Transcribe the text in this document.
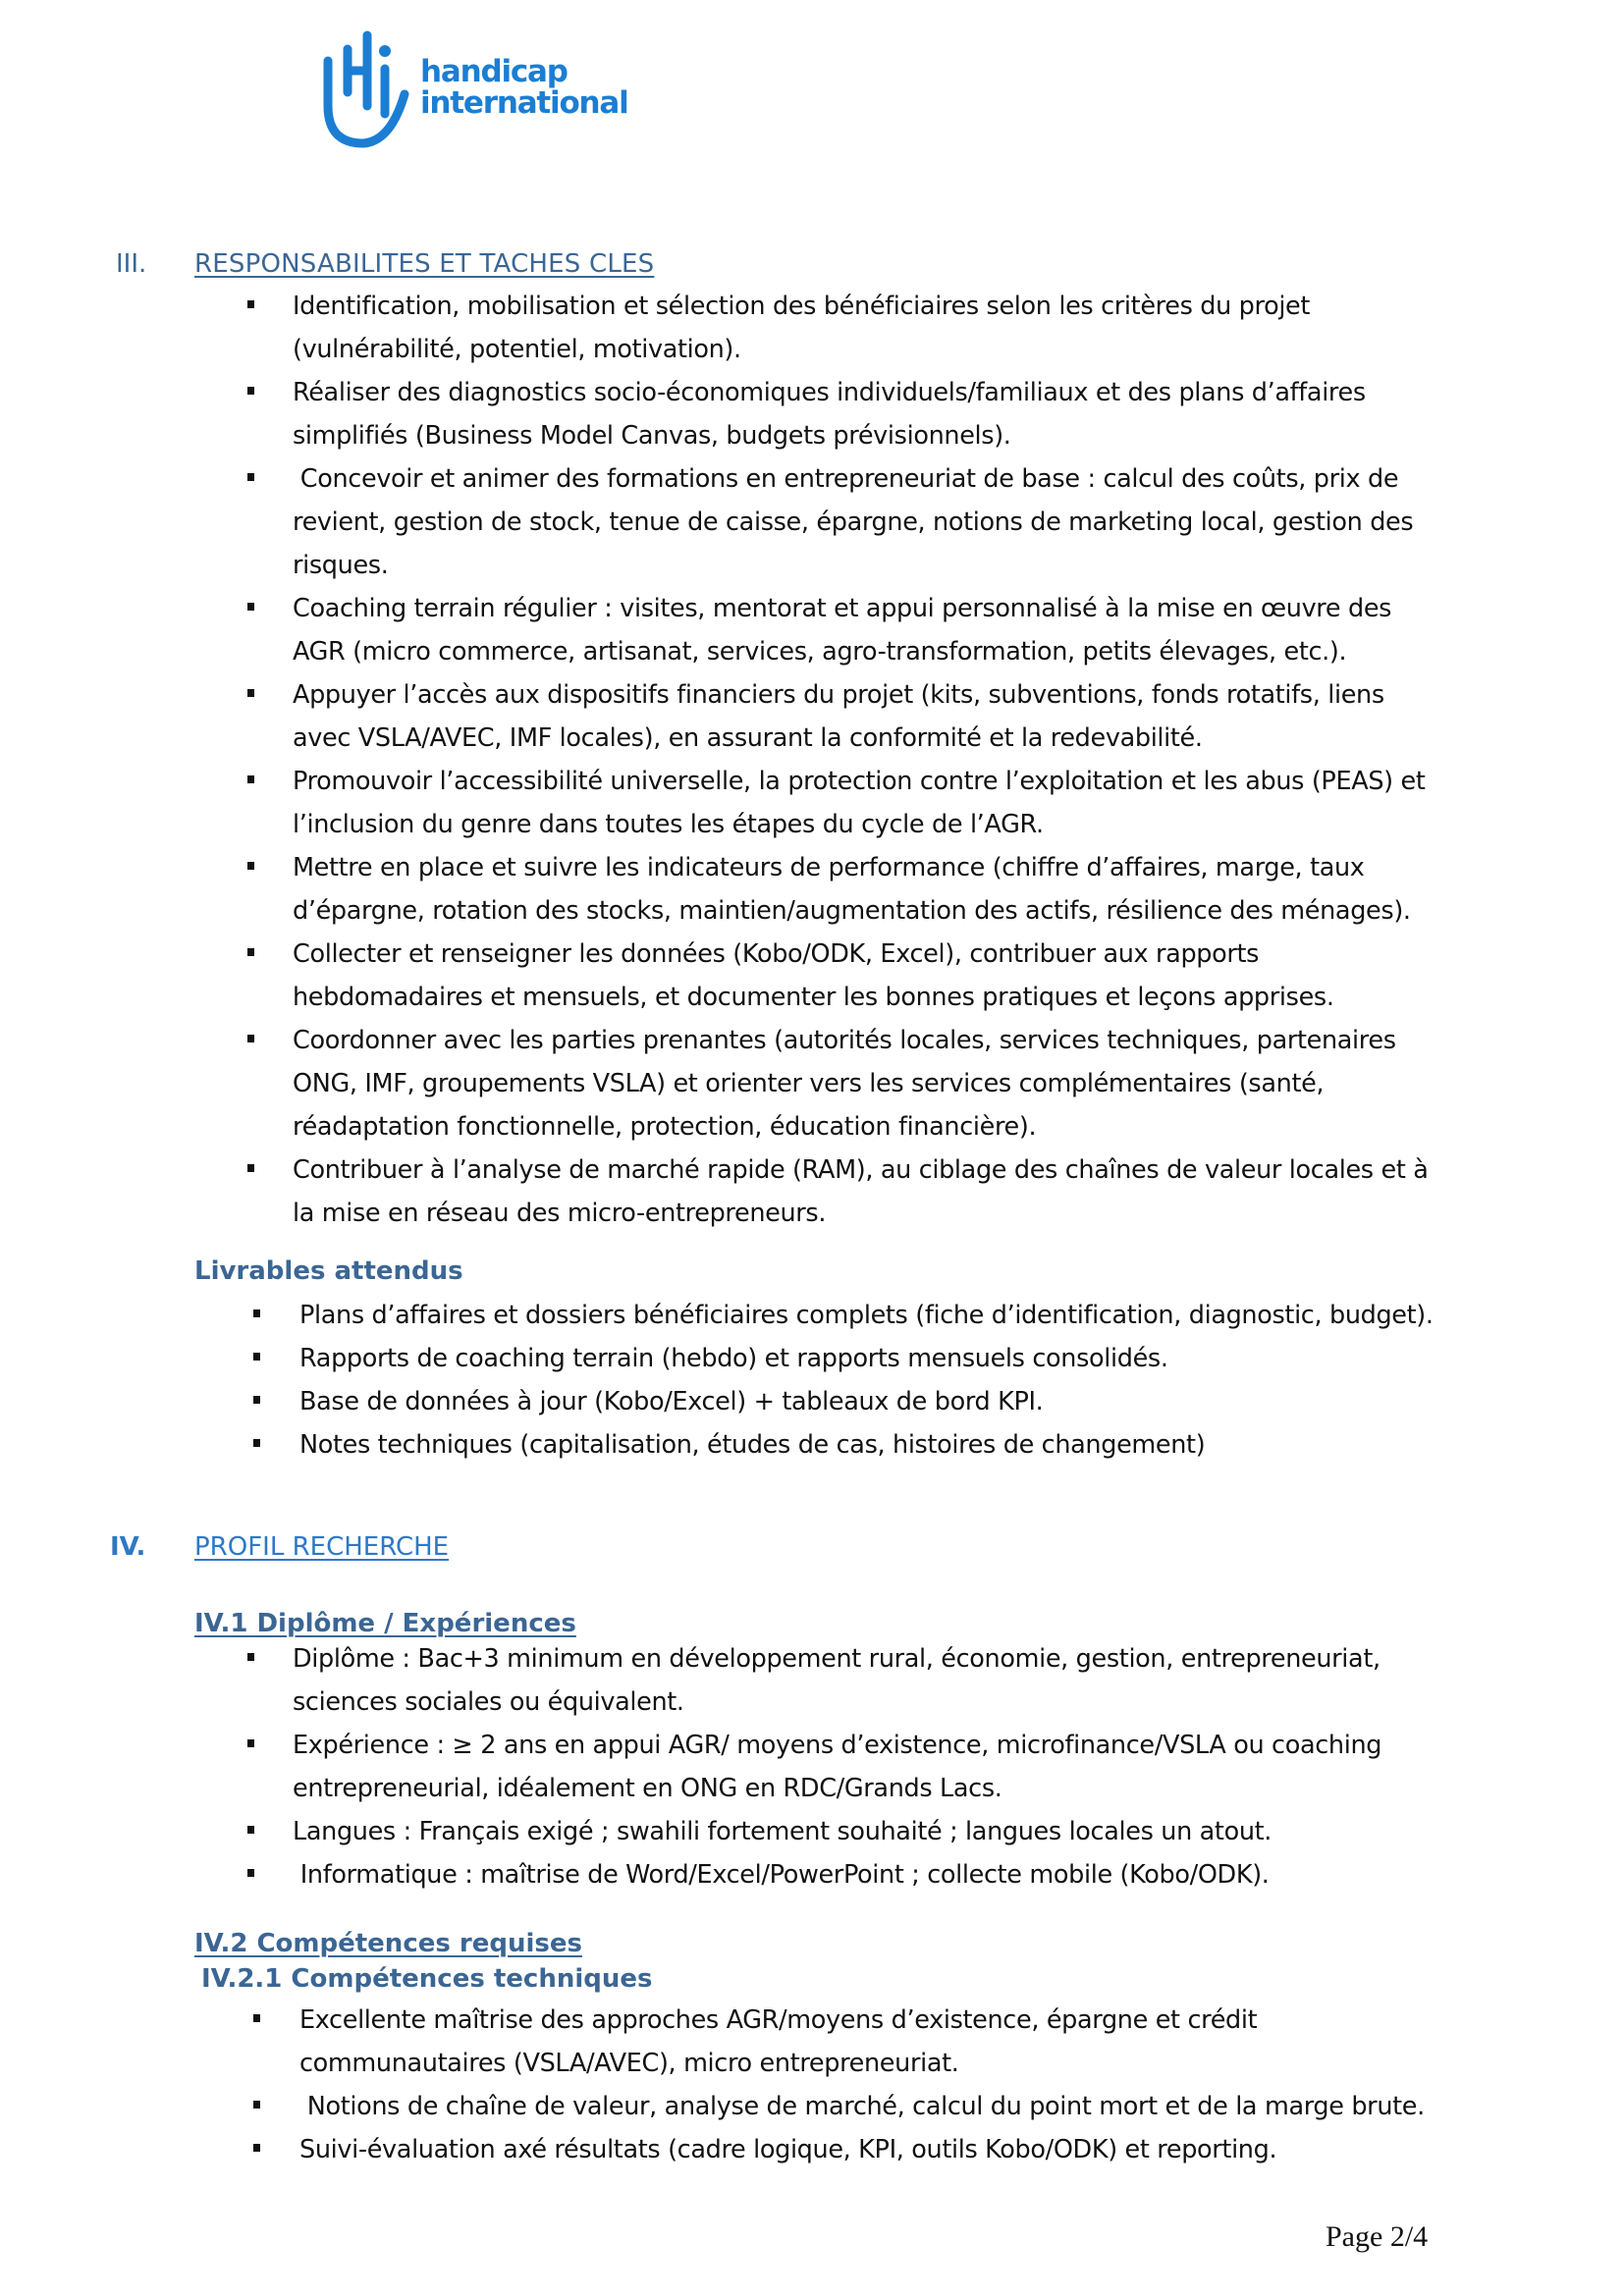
handicap
international
III. RESPONSABILITES ET TACHES CLES
Identification, mobilisation et sélection des bénéficiaires selon les critères du projet
(vulnérabilité, potentiel, motivation).
Réaliser des diagnostics socio-économiques individuels/familiaux et des plans d’affaires
simplifiés (Business Model Canvas, budgets prévisionnels).
Concevoir et animer des formations en entrepreneuriat de base : calcul des coûts, prix de
revient, gestion de stock, tenue de caisse, épargne, notions de marketing local, gestion des
risques.
Coaching terrain régulier : visites, mentorat et appui personnalisé à la mise en œuvre des
AGR (micro commerce, artisanat, services, agro-transformation, petits élevages, etc.).
Appuyer l’accès aux dispositifs financiers du projet (kits, subventions, fonds rotatifs, liens
avec VSLA/AVEC, IMF locales), en assurant la conformité et la redevabilité.
Promouvoir l’accessibilité universelle, la protection contre l’exploitation et les abus (PEAS) et
l’inclusion du genre dans toutes les étapes du cycle de l’AGR.
Mettre en place et suivre les indicateurs de performance (chiffre d’affaires, marge, taux
d’épargne, rotation des stocks, maintien/augmentation des actifs, résilience des ménages).
Collecter et renseigner les données (Kobo/ODK, Excel), contribuer aux rapports
hebdomadaires et mensuels, et documenter les bonnes pratiques et leçons apprises.
Coordonner avec les parties prenantes (autorités locales, services techniques, partenaires
ONG, IMF, groupements VSLA) et orienter vers les services complémentaires (santé,
réadaptation fonctionnelle, protection, éducation financière).
Contribuer à l’analyse de marché rapide (RAM), au ciblage des chaînes de valeur locales et à
la mise en réseau des micro-entrepreneurs.
Livrables attendus
Plans d’affaires et dossiers bénéficiaires complets (fiche d’identification, diagnostic, budget).
Rapports de coaching terrain (hebdo) et rapports mensuels consolidés.
Base de données à jour (Kobo/Excel) + tableaux de bord KPI.
Notes techniques (capitalisation, études de cas, histoires de changement)
IV. PROFIL RECHERCHE
IV.1 Diplôme / Expériences
Diplôme : Bac+3 minimum en développement rural, économie, gestion, entrepreneuriat,
sciences sociales ou équivalent.
Expérience : ≥ 2 ans en appui AGR/ moyens d’existence, microfinance/VSLA ou coaching
entrepreneurial, idéalement en ONG en RDC/Grands Lacs.
Langues : Français exigé ; swahili fortement souhaité ; langues locales un atout.
Informatique : maîtrise de Word/Excel/PowerPoint ; collecte mobile (Kobo/ODK).
IV.2 Compétences requises
IV.2.1 Compétences techniques
Excellente maîtrise des approches AGR/moyens d’existence, épargne et crédit
communautaires (VSLA/AVEC), micro entrepreneuriat.
Notions de chaîne de valeur, analyse de marché, calcul du point mort et de la marge brute.
Suivi-évaluation axé résultats (cadre logique, KPI, outils Kobo/ODK) et reporting.
Page 2/4
